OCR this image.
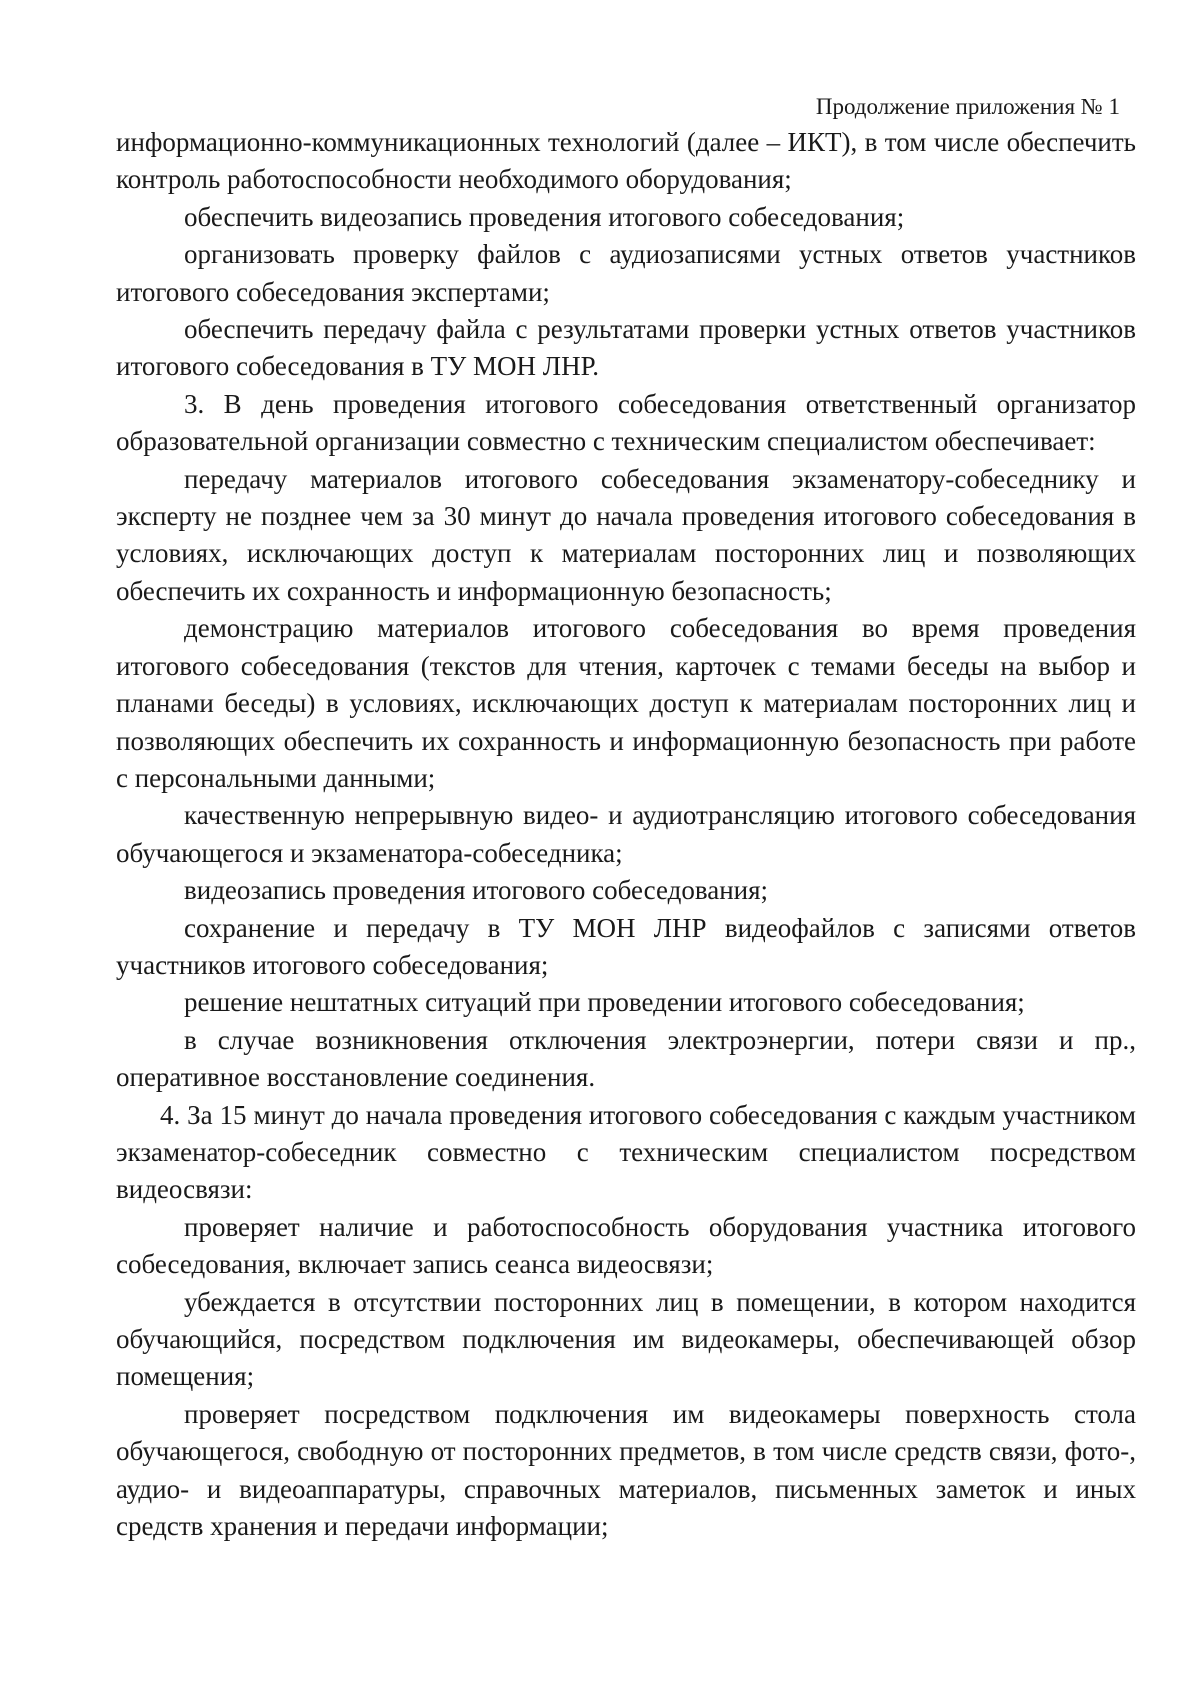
Продолжение приложения № 1

информационно-коммуникационных технологий (далее – ИКТ), в том числе обеспечить контроль работоспособности необходимого оборудования;

обеспечить видеозапись проведения итогового собеседования;

организовать проверку файлов с аудиозаписями устных ответов участников итогового собеседования экспертами;

обеспечить передачу файла с результатами проверки устных ответов участников итогового собеседования в ТУ МОН ЛНР.

3. В день проведения итогового собеседования ответственный организатор образовательной организации совместно с техническим специалистом обеспечивает:

передачу материалов итогового собеседования экзаменатору-собеседнику и эксперту не позднее чем за 30 минут до начала проведения итогового собеседования в условиях, исключающих доступ к материалам посторонних лиц и позволяющих обеспечить их сохранность и информационную безопасность;

демонстрацию материалов итогового собеседования во время проведения итогового собеседования (текстов для чтения, карточек с темами беседы на выбор и планами беседы) в условиях, исключающих доступ к материалам посторонних лиц и позволяющих обеспечить их сохранность и информационную безопасность при работе с персональными данными;

качественную непрерывную видео- и аудиотрансляцию итогового собеседования обучающегося и экзаменатора-собеседника;

видеозапись проведения итогового собеседования;

сохранение и передачу в ТУ МОН ЛНР видеофайлов с записями ответов участников итогового собеседования;

решение нештатных ситуаций при проведении итогового собеседования;

в случае возникновения отключения электроэнергии, потери связи и пр., оперативное восстановление соединения.

4. За 15 минут до начала проведения итогового собеседования с каждым участником экзаменатор-собеседник совместно с техническим специалистом посредством видеосвязи:

проверяет наличие и работоспособность оборудования участника итогового собеседования, включает запись сеанса видеосвязи;

убеждается в отсутствии посторонних лиц в помещении, в котором находится обучающийся, посредством подключения им видеокамеры, обеспечивающей обзор помещения;

проверяет посредством подключения им видеокамеры поверхность стола обучающегося, свободную от посторонних предметов, в том числе средств связи, фото-, аудио- и видеоаппаратуры, справочных материалов, письменных заметок и иных средств хранения и передачи информации;
